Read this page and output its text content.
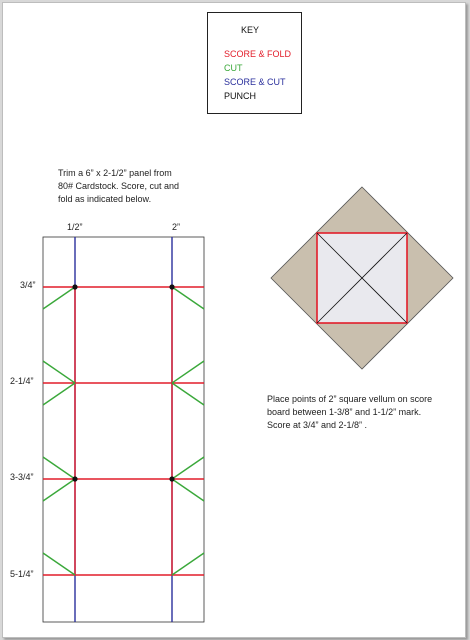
KEY
SCORE & FOLD
CUT
SCORE & CUT
PUNCH
Trim a 6” x 2-1/2” panel from
80# Cardstock. Score, cut and
fold as indicated below.
Place points of 2” square vellum on score
board between 1-3/8” and 1-1/2” mark.
Score at 3/4” and 2-1/8” .
1/2”	2”
3/4”
2-1/4”
3-3/4”
5-1/4”
